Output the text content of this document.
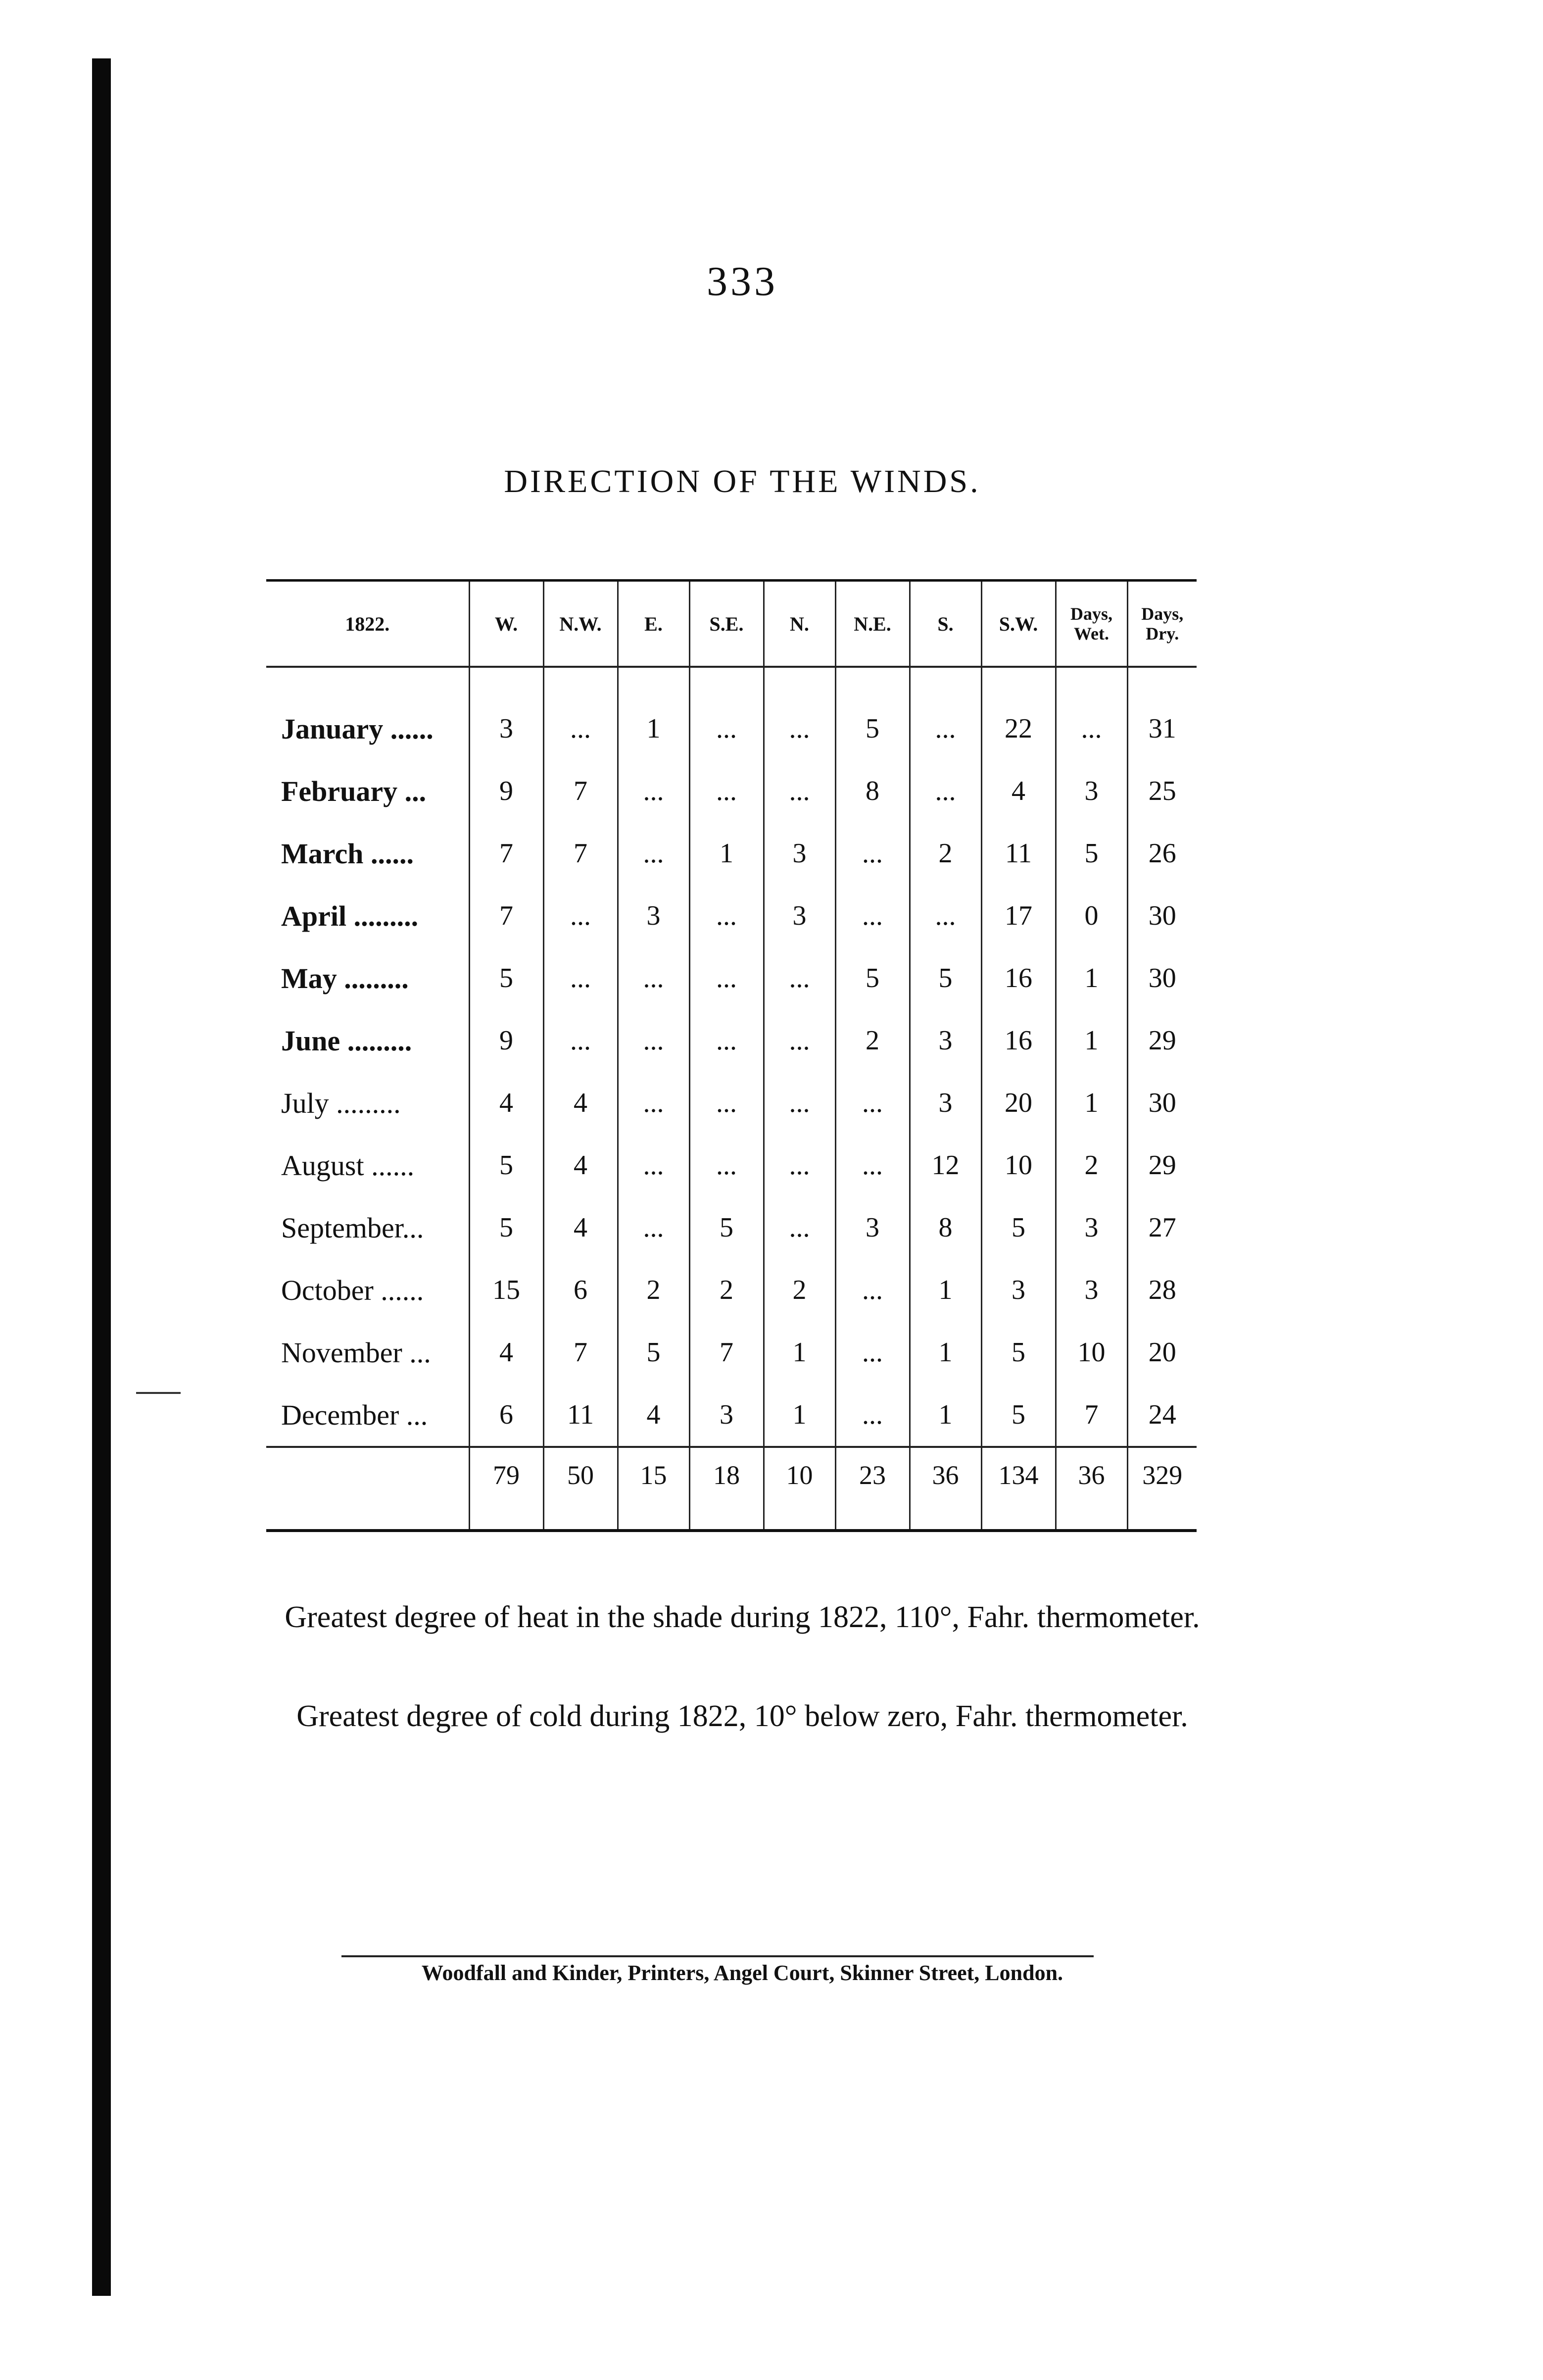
333
DIRECTION OF THE WINDS.
1822.	W.	N.W.	E.	S.E.	N.	N.E.	S.	S.W.	Days, Wet.	Days, Dry.
January ......	3	...	1	...	...	5	...	22	...	31
February ...	9	7	...	...	...	8	...	4	3	25
March ......	7	7	...	1	3	...	2	11	5	26
April .........	7	...	3	...	3	...	...	17	0	30
May .........	5	...	...	...	...	5	5	16	1	30
June .........	9	...	...	...	...	2	3	16	1	29
July .........	4	4	...	...	...	...	3	20	1	30
August ......	5	4	...	...	...	...	12	10	2	29
September...	5	4	...	5	...	3	8	5	3	27
October ......	15	6	2	2	2	...	1	3	3	28
November ...	4	7	5	7	1	...	1	5	10	20
December ...	6	11	4	3	1	...	1	5	7	24
	79	50	15	18	10	23	36	134	36	329
Greatest degree of heat in the shade during 1822, 110°, Fahr. thermometer.
Greatest degree of cold during 1822, 10° below zero, Fahr. thermometer.
Woodfall and Kinder, Printers, Angel Court, Skinner Street, London.
